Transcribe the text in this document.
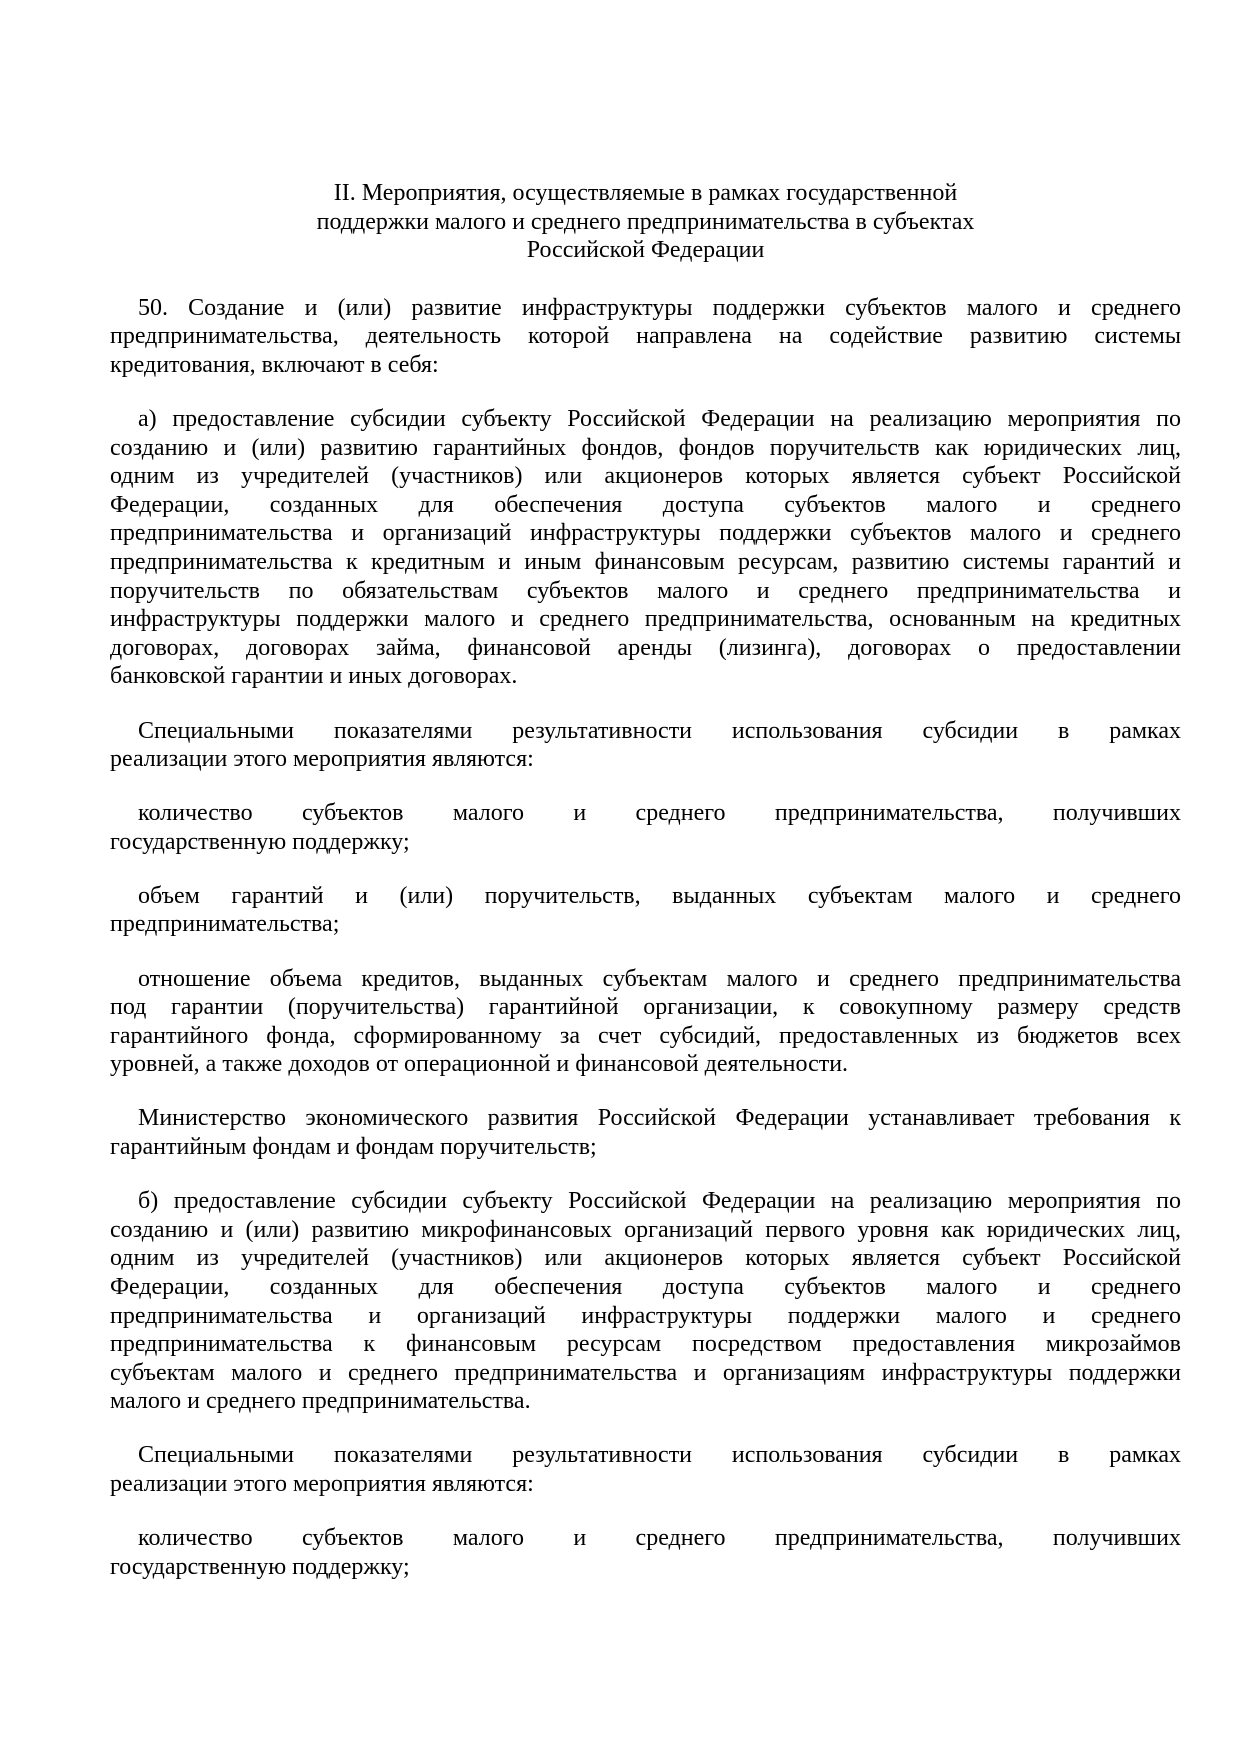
II. Мероприятия, осуществляемые в рамках государственной
поддержки малого и среднего предпринимательства в субъектах
Российской Федерации

50. Создание и (или) развитие инфраструктуры поддержки субъектов малого и среднего
предпринимательства, деятельность которой направлена на содействие развитию системы
кредитования, включают в себя:

а) предоставление субсидии субъекту Российской Федерации на реализацию мероприятия по
созданию и (или) развитию гарантийных фондов, фондов поручительств как юридических лиц,
одним из учредителей (участников) или акционеров которых является субъект Российской
Федерации, созданных для обеспечения доступа субъектов малого и среднего
предпринимательства и организаций инфраструктуры поддержки субъектов малого и среднего
предпринимательства к кредитным и иным финансовым ресурсам, развитию системы гарантий и
поручительств по обязательствам субъектов малого и среднего предпринимательства и
инфраструктуры поддержки малого и среднего предпринимательства, основанным на кредитных
договорах, договорах займа, финансовой аренды (лизинга), договорах о предоставлении
банковской гарантии и иных договорах.

Специальными показателями результативности использования субсидии в рамках
реализации этого мероприятия являются:

количество субъектов малого и среднего предпринимательства, получивших
государственную поддержку;

объем гарантий и (или) поручительств, выданных субъектам малого и среднего
предпринимательства;

отношение объема кредитов, выданных субъектам малого и среднего предпринимательства
под гарантии (поручительства) гарантийной организации, к совокупному размеру средств
гарантийного фонда, сформированному за счет субсидий, предоставленных из бюджетов всех
уровней, а также доходов от операционной и финансовой деятельности.

Министерство экономического развития Российской Федерации устанавливает требования к
гарантийным фондам и фондам поручительств;

б) предоставление субсидии субъекту Российской Федерации на реализацию мероприятия по
созданию и (или) развитию микрофинансовых организаций первого уровня как юридических лиц,
одним из учредителей (участников) или акционеров которых является субъект Российской
Федерации, созданных для обеспечения доступа субъектов малого и среднего
предпринимательства и организаций инфраструктуры поддержки малого и среднего
предпринимательства к финансовым ресурсам посредством предоставления микрозаймов
субъектам малого и среднего предпринимательства и организациям инфраструктуры поддержки
малого и среднего предпринимательства.

Специальными показателями результативности использования субсидии в рамках
реализации этого мероприятия являются:

количество субъектов малого и среднего предпринимательства, получивших
государственную поддержку;
